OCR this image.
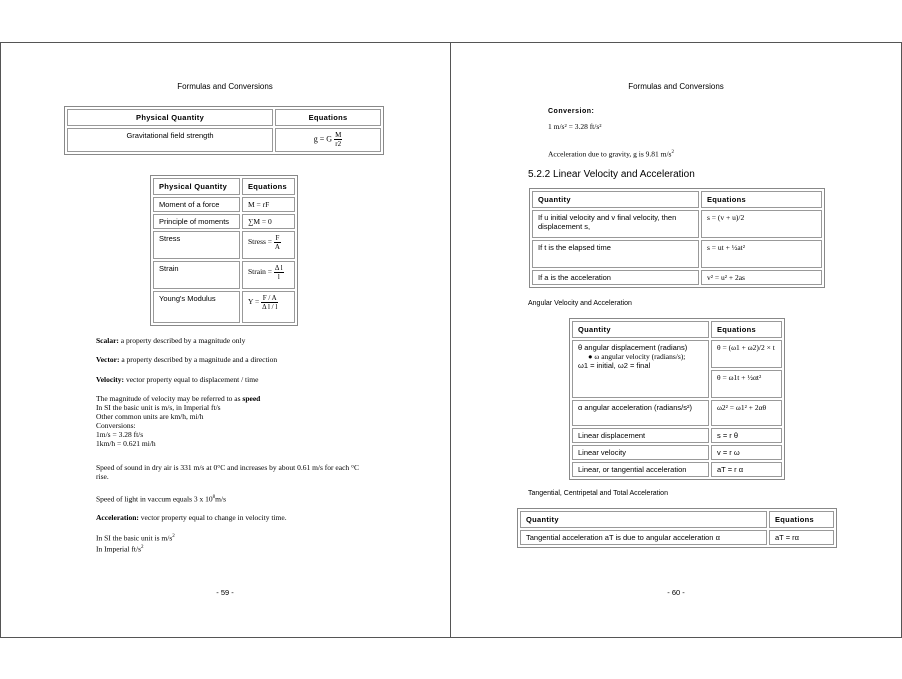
Formulas and Conversions
Physical Quantity	Equations
Gravitational field strength	g = G $\frac{M}{r2}$
Physical Quantity	Equations
Moment of a force	M = rF
Principle of moments	∑M = 0
Stress	Stress = $\frac{F}{A}$

Strain	Strain = $\frac{\text{Δ l}}{l}$

Young's Modulus	$Y = \frac{F / A}{\text{Δ l / l}}$
Scalar: a property described by a magnitude only
Vector: a property described by a magnitude and a direction
Velocity: vector property equal to displacement / time
The magnitude of velocity may be referred to as speed
In SI the basic unit is m/s, in Imperial ft/s
Other common units are km/h, mi/h
Conversions:
1m/s = 3.28 ft/s
1km/h = 0.621 mi/h
Speed of sound in dry air is 331 m/s at 0°C and increases by about 0.61 m/s for each °C
rise.
Speed of light in vaccum equals 3 x $10^8m/s$
Acceleration: vector property equal to change in velocity time.
In SI the basic unit is $m/s^2$
In Imperial $ft/s^2$
- 59 -
Formulas and Conversions
Conversion:
1 m/s² = 3.28 ft/s²
Acceleration due to gravity, g is 9.81 $m/s^2$
5.2.2 Linear Velocity and Acceleration
Quantity	Equations
If u initial velocity and v final velocity, then displacement s,	s = (v + u)/2
If t is the elapsed time	s = ut + ½at²
If a is the acceleration	v² = u² + 2as
Angular Velocity and Acceleration
Quantity	Equations

θ angular displacement (radians)
● ω angular velocity (radians/s);
ω1 = initial, ω2 = final	θ = (ω1 + ω2)/2 × t
	θ = ω1t + ½αt²
α angular acceleration (radians/s²)	ω2² = ω1² + 2αθ
Linear displacement	s = r θ
Linear velocity	v = r ω
Linear, or tangential acceleration	aT = r α
Tangential, Centripetal and Total Acceleration
Quantity	Equations
Tangential acceleration aT is due to angular acceleration α	aT = rα
- 60 -
